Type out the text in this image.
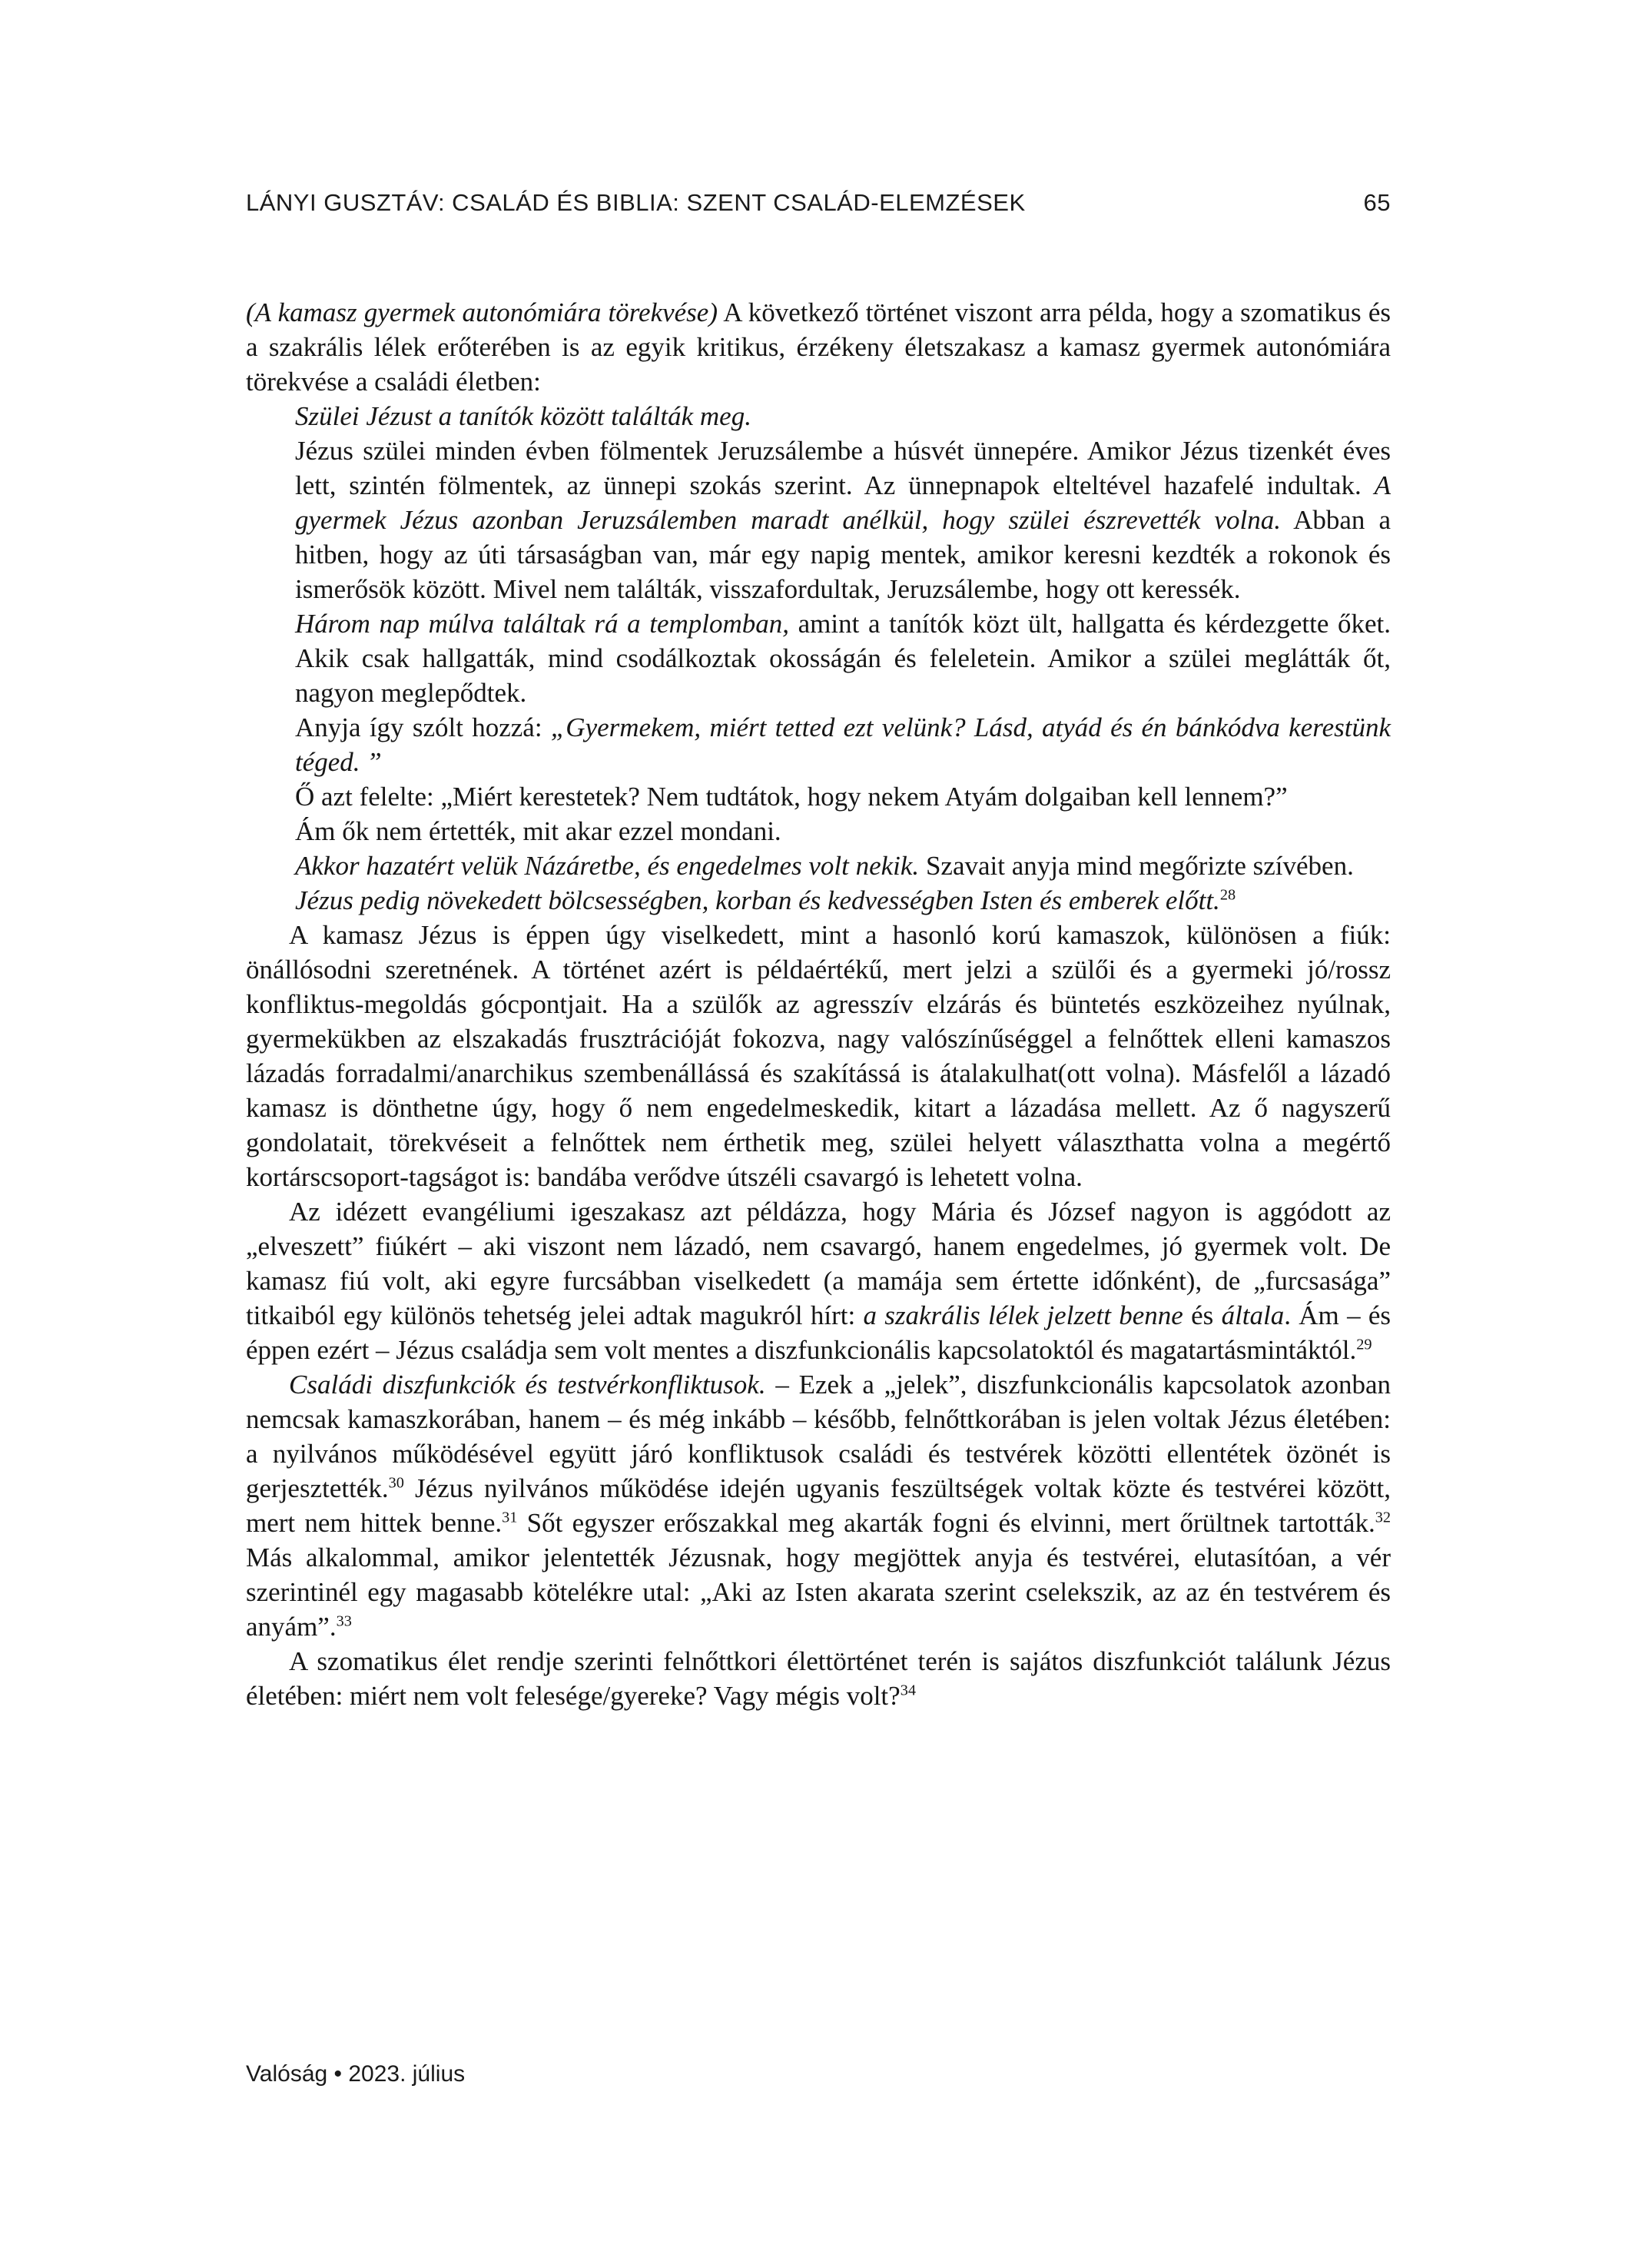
LÁNYI GUSZTÁV: CSALÁD ÉS BIBLIA: SZENT CSALÁD-ELEMZÉSEK	65

(A kamasz gyermek autonómiára törekvése) A következő történet viszont arra példa, hogy a szomatikus és a szakrális lélek erőterében is az egyik kritikus, érzékeny életszakasz a kamasz gyermek autonómiára törekvése a családi életben:

Szülei Jézust a tanítók között találták meg.

Jézus szülei minden évben fölmentek Jeruzsálembe a húsvét ünnepére. Amikor Jézus tizenkét éves lett, szintén fölmentek, az ünnepi szokás szerint. Az ünnepnapok elteltével hazafelé indultak. A gyermek Jézus azonban Jeruzsálemben maradt anélkül, hogy szülei észrevették volna. Abban a hitben, hogy az úti társaságban van, már egy napig mentek, amikor keresni kezdték a rokonok és ismerősök között. Mivel nem találták, visszafordultak, Jeruzsálembe, hogy ott keressék.

Három nap múlva találtak rá a templomban, amint a tanítók közt ült, hallgatta és kérdezgette őket. Akik csak hallgatták, mind csodálkoztak okosságán és feleletein. Amikor a szülei meglátták őt, nagyon meglepődtek.

Anyja így szólt hozzá: „Gyermekem, miért tetted ezt velünk? Lásd, atyád és én bánkódva kerestünk téged. ”

Ő azt felelte: „Miért kerestetek? Nem tudtátok, hogy nekem Atyám dolgaiban kell lennem?”

Ám ők nem értették, mit akar ezzel mondani.

Akkor hazatért velük Názáretbe, és engedelmes volt nekik. Szavait anyja mind megőrizte szívében.

Jézus pedig növekedett bölcsességben, korban és kedvességben Isten és emberek előtt.$^{28}$

A kamasz Jézus is éppen úgy viselkedett, mint a hasonló korú kamaszok, különösen a fiúk: önállósodni szeretnének. A történet azért is példaértékű, mert jelzi a szülői és a gyermeki jó/rossz konfliktus-megoldás gócpontjait. Ha a szülők az agresszív elzárás és büntetés eszközeihez nyúlnak, gyermekükben az elszakadás frusztrációját fokozva, nagy valószínűséggel a felnőttek elleni kamaszos lázadás forradalmi/anarchikus szembenállássá és szakítássá is átalakulhat(ott volna). Másfelől a lázadó kamasz is dönthetne úgy, hogy ő nem engedelmeskedik, kitart a lázadása mellett. Az ő nagyszerű gondolatait, törekvéseit a felnőttek nem érthetik meg, szülei helyett választhatta volna a megértő kortárscsoport-tagságot is: bandába verődve útszéli csavargó is lehetett volna.

Az idézett evangéliumi igeszakasz azt példázza, hogy Mária és József nagyon is aggódott az „elveszett” fiúkért – aki viszont nem lázadó, nem csavargó, hanem engedelmes, jó gyermek volt. De kamasz fiú volt, aki egyre furcsábban viselkedett (a mamája sem értette időnként), de „furcsasága” titkaiból egy különös tehetség jelei adtak magukról hírt: a szakrális lélek jelzett benne és általa. Ám – és éppen ezért – Jézus családja sem volt mentes a diszfunkcionális kapcsolatoktól és magatartásmintáktól.$^{29}$

Családi diszfunkciók és testvérkonfliktusok. – Ezek a „jelek”, diszfunkcionális kapcsolatok azonban nemcsak kamaszkorában, hanem – és még inkább – később, felnőttkorában is jelen voltak Jézus életében: a nyilvános működésével együtt járó konfliktusok családi és testvérek közötti ellentétek özönét is gerjesztették.$^{30}$ Jézus nyilvános működése idején ugyanis feszültségek voltak közte és testvérei között, mert nem hittek benne.$^{31}$ Sőt egyszer erőszakkal meg akarták fogni és elvinni, mert őrültnek tartották.$^{32}$ Más alkalommal, amikor jelentették Jézusnak, hogy megjöttek anyja és testvérei, elutasítóan, a vér szerintinél egy magasabb kötelékre utal: „Aki az Isten akarata szerint cselekszik, az az én testvérem és anyám”.$^{33}$

A szomatikus élet rendje szerinti felnőttkori élettörténet terén is sajátos diszfunkciót találunk Jézus életében: miért nem volt felesége/gyereke? Vagy mégis volt?$^{34}$

Valóság • 2023. július
